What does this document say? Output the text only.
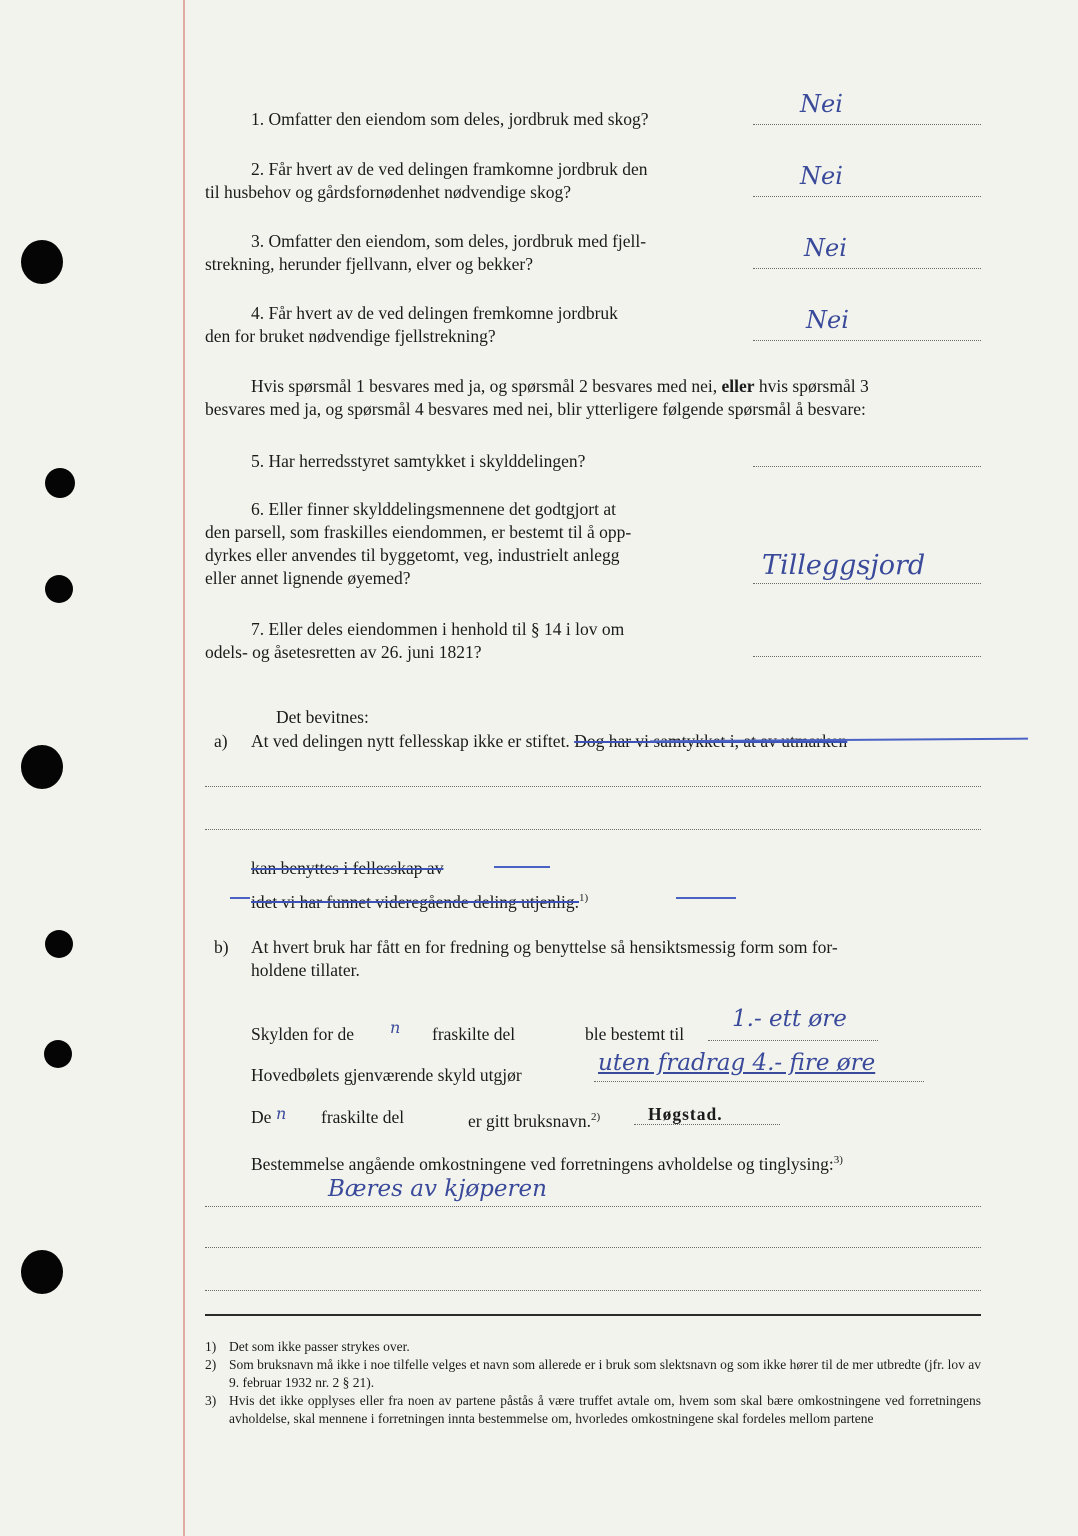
1. Omfatter den eiendom som deles, jordbruk med skog?
Nei
2. Får hvert av de ved delingen framkomne jordbruk den
til husbehov og gårdsfornødenhet nødvendige skog?
Nei
3. Omfatter den eiendom, som deles, jordbruk med fjell-
strekning, herunder fjellvann, elver og bekker?
Nei
4. Får hvert av de ved delingen fremkomne jordbruk
den for bruket nødvendige fjellstrekning?
Nei
Hvis spørsmål 1 besvares med ja, og spørsmål 2 besvares med nei, eller hvis spørsmål 3
besvares med ja, og spørsmål 4 besvares med nei, blir ytterligere følgende spørsmål å besvare:
5. Har herredsstyret samtykket i skylddelingen?
6. Eller finner skylddelingsmennene det godtgjort at
den parsell, som fraskilles eiendommen, er bestemt til å opp-
dyrkes eller anvendes til byggetomt, veg, industrielt anlegg
eller annet lignende øyemed?	Tilleggsjord
7. Eller deles eiendommen i henhold til § 14 i lov om
odels- og åsetesretten av 26. juni 1821?
Det bevitnes:
a) At ved delingen nytt fellesskap ikke er stiftet. Dog har vi samtykket i, at av utmarken
kan benyttes i fellesskap av
idet vi har funnet videregående deling utjenlig.$^{1)}$
b) At hvert bruk har fått en for fredning og benyttelse så hensiktsmessig form som for-
holdene tillater.
Skylden for de n fraskilte del	ble bestemt til
1.- ett øre
Hovedbølets gjenværende skyld utgjør	uten fradrag 4.- fire øre
De n fraskilte del	er gitt bruksnavn.$^{2)}$	Høgstad.
Bestemmelse angående omkostningene ved forretningens avholdelse og tinglysing:$^{3)}$
Bæres av kjøperen
1) Det som ikke passer strykes over.
2) Som bruksnavn må ikke i noe tilfelle velges et navn som allerede er i bruk som slektsnavn og som ikke hører til de mer utbredte (jfr. lov av 9. februar 1932 nr. 2 § 21).
3) Hvis det ikke opplyses eller fra noen av partene påstås å være truffet avtale om, hvem som skal bære omkostningene ved forretningens avholdelse, skal mennene i forretningen innta bestemmelse om, hvorledes omkostningene skal fordeles mellom partene
